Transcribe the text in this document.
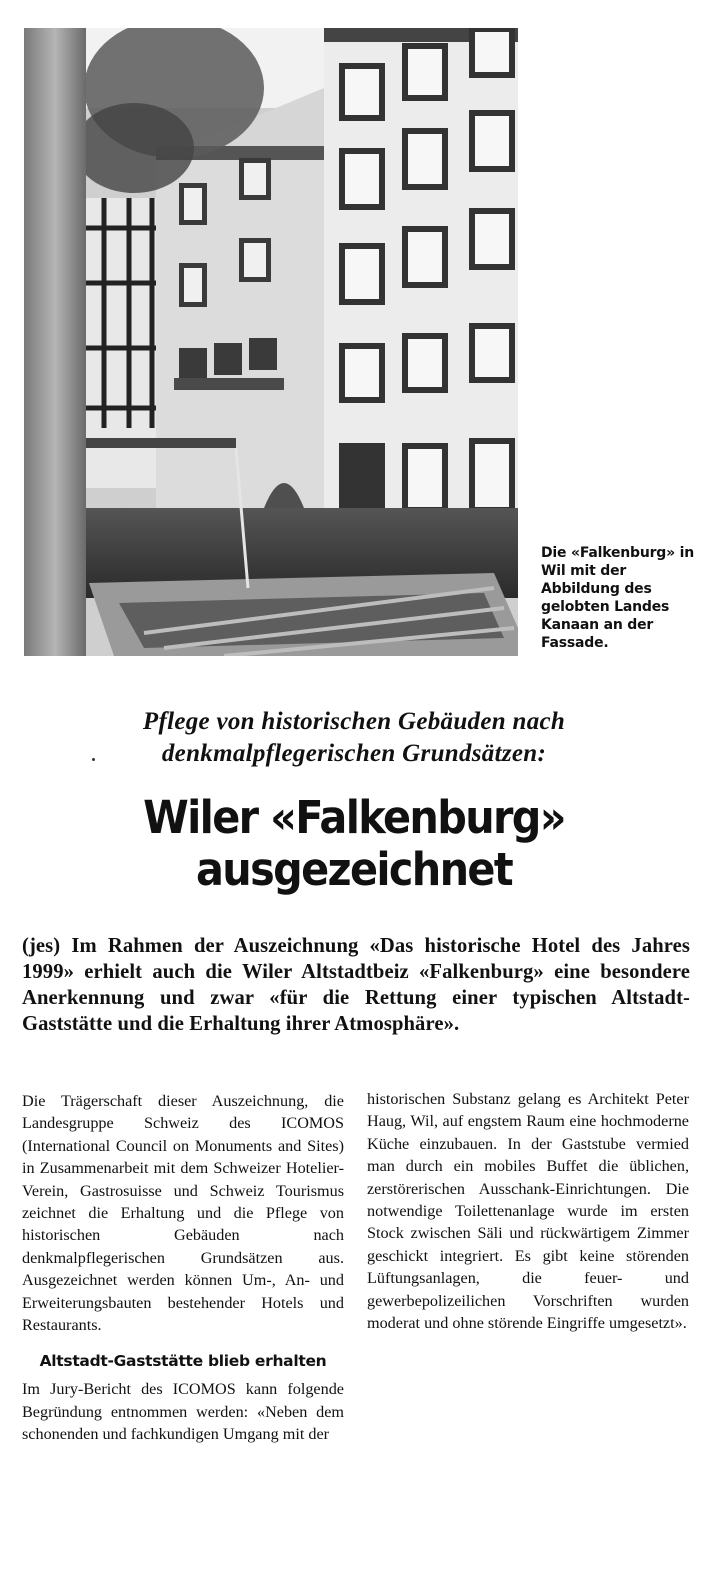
Die «Falkenburg» in Wil mit der Abbildung des gelobten Landes Kanaan an der Fassade.
Pflege von historischen Gebäuden nach denkmalpflegerischen Grundsätzen:
Wiler «Falkenburg» ausgezeichnet
(jes) Im Rahmen der Auszeichnung «Das historische Hotel des Jahres 1999» erhielt auch die Wiler Altstadtbeiz «Falkenburg» eine besondere Anerkennung und zwar «für die Rettung einer typischen Altstadt-Gaststätte und die Erhaltung ihrer Atmosphäre».

Die Trägerschaft dieser Auszeichnung, die Landesgruppe Schweiz des ICOMOS (International Council on Monuments and Sites) in Zusammenarbeit mit dem Schweizer Hotelier-Verein, Gastrosuisse und Schweiz Tourismus zeichnet die Erhaltung und die Pflege von historischen Gebäuden nach denkmalpflegerischen Grundsätzen aus. Ausgezeichnet werden können Um-, An- und Erweiterungsbauten bestehender Hotels und Restaurants.

Altstadt-Gaststätte blieb erhalten

Im Jury-Bericht des ICOMOS kann folgende Begründung entnommen werden: «Neben dem schonenden und fachkundigen Umgang mit der

historischen Substanz gelang es Architekt Peter Haug, Wil, auf engstem Raum eine hochmoderne Küche einzubauen. In der Gaststube vermied man durch ein mobiles Buffet die üblichen, zerstörerischen Ausschank-Einrichtungen. Die notwendige Toilettenanlage wurde im ersten Stock zwischen Säli und rückwärtigem Zimmer geschickt integriert. Es gibt keine störenden Lüftungsanlagen, die feuer- und gewerbepolizeilichen Vorschriften wurden moderat und ohne störende Eingriffe umgesetzt».
